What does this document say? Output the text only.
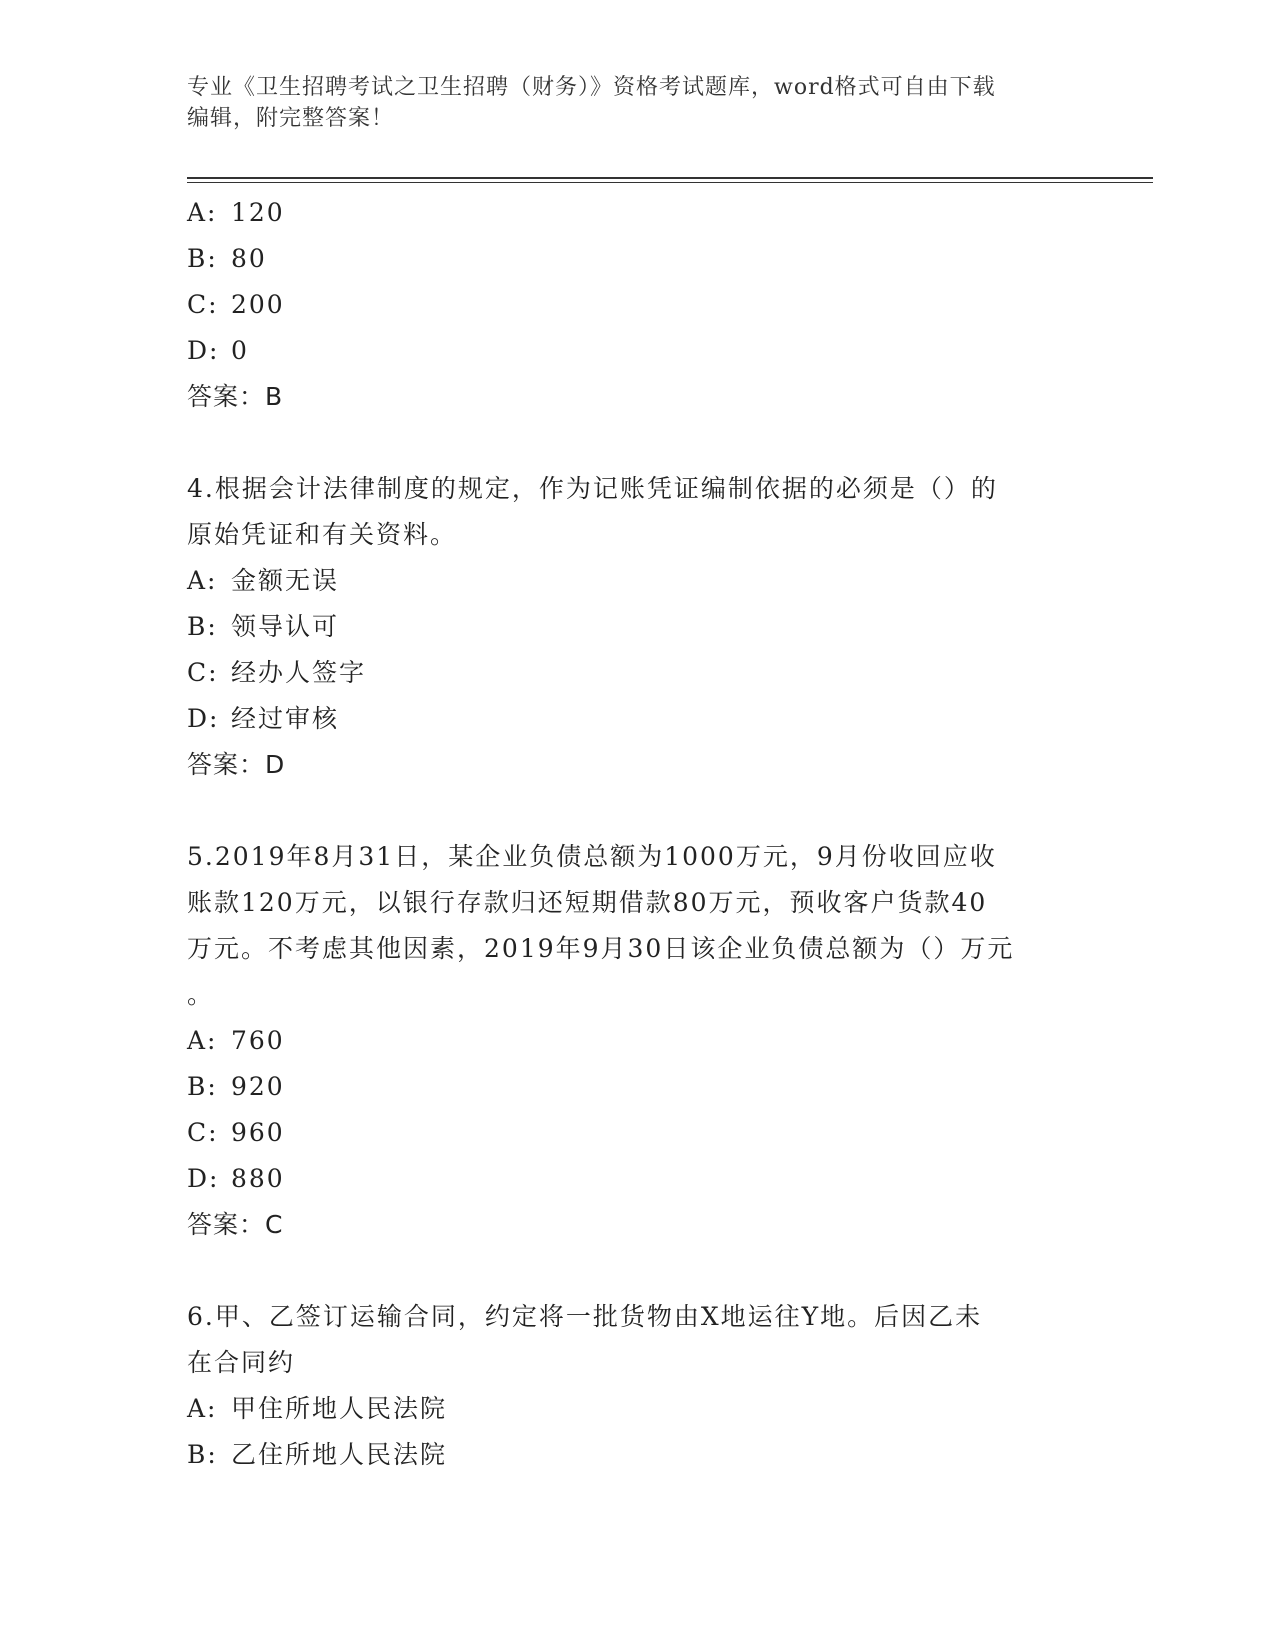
专业《卫生招聘考试之卫生招聘（财务）》资格考试题库，word格式可自由下载
编辑，附完整答案！
A: 120
B: 80
C: 200
D: 0
答案：B
4.根据会计法律制度的规定，作为记账凭证编制依据的必须是（）的
原始凭证和有关资料。
A: 金额无误
B: 领导认可
C: 经办人签字
D: 经过审核
答案：D
5.2019年8月31日，某企业负债总额为1000万元，9月份收回应收
账款120万元，以银行存款归还短期借款80万元，预收客户货款40
万元。不考虑其他因素，2019年9月30日该企业负债总额为（）万元
。
A: 760
B: 920
C: 960
D: 880
答案：C
6.甲、乙签订运输合同，约定将一批货物由X地运往Y地。后因乙未
在合同约
A: 甲住所地人民法院
B: 乙住所地人民法院
